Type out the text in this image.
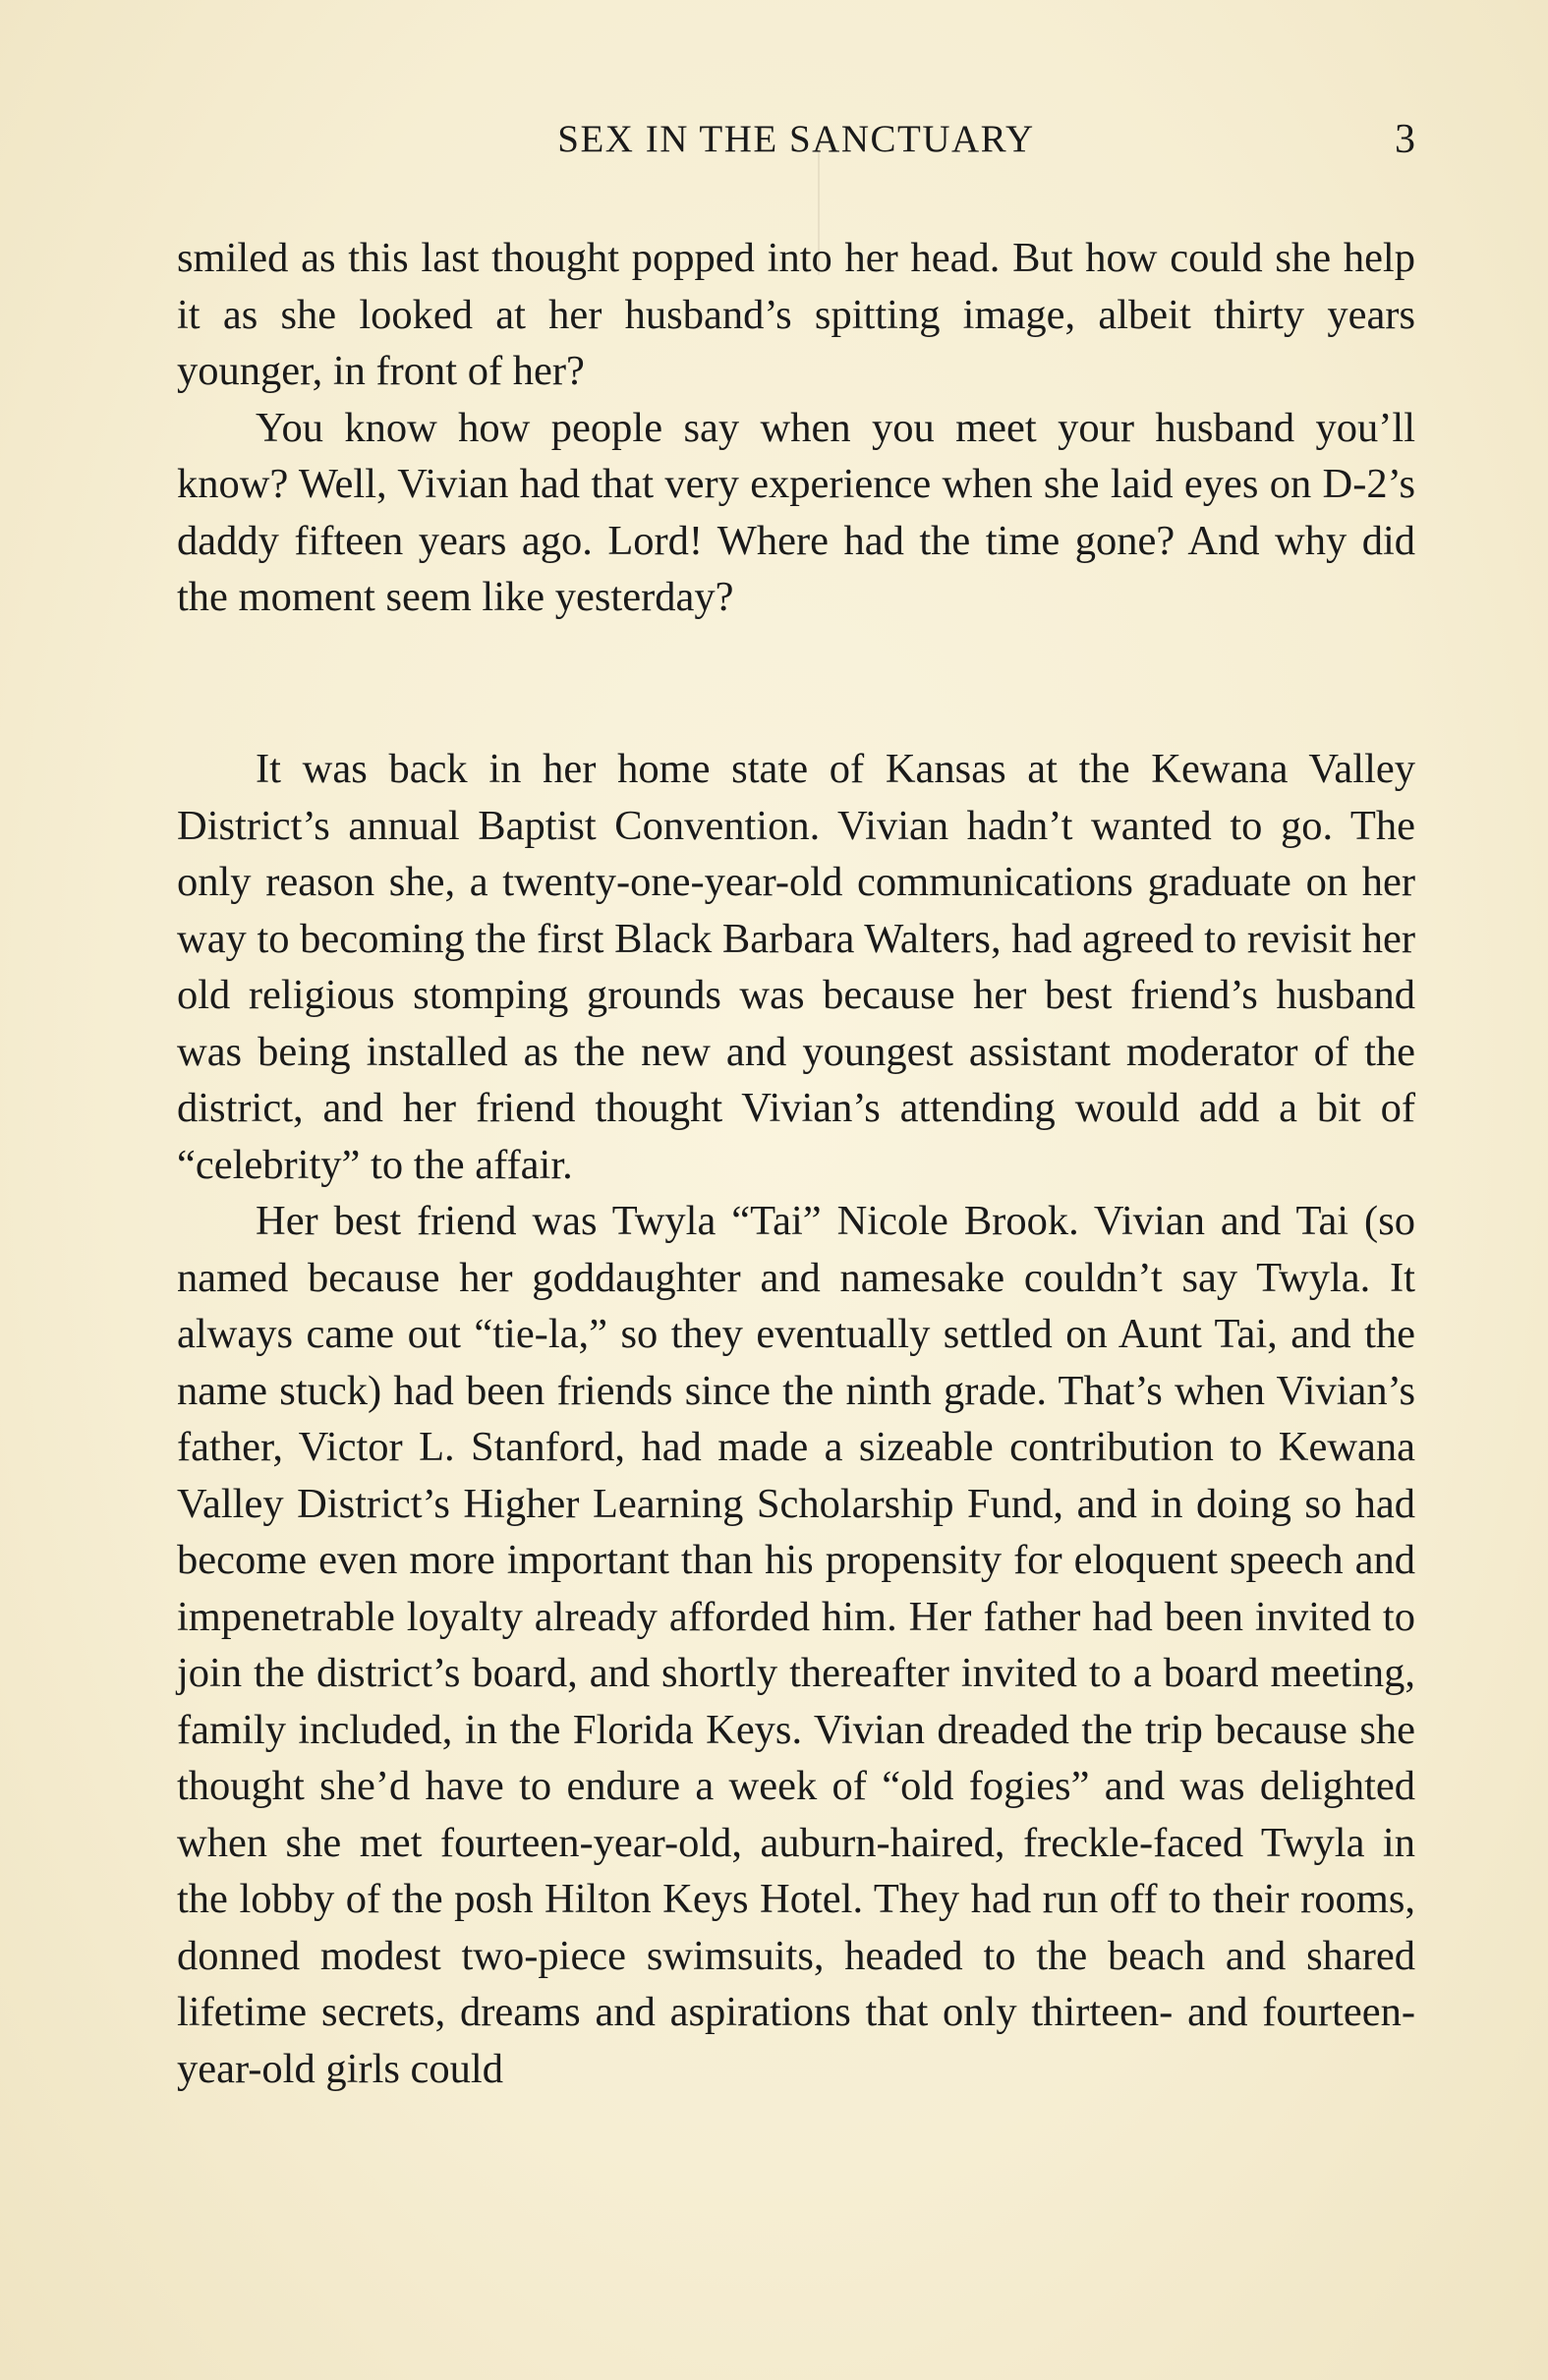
SEX IN THE SANCTUARY	3

smiled as this last thought popped into her head. But how could she help it as she looked at her husband’s spitting image, albeit thirty years younger, in front of her?

You know how people say when you meet your husband you’ll know? Well, Vivian had that very experience when she laid eyes on D-2’s daddy fifteen years ago. Lord! Where had the time gone? And why did the moment seem like yesterday?

It was back in her home state of Kansas at the Kewana Valley District’s annual Baptist Convention. Vivian hadn’t wanted to go. The only reason she, a twenty-one-year-old communications graduate on her way to becoming the first Black Barbara Walters, had agreed to revisit her old religious stomping grounds was because her best friend’s husband was being installed as the new and youngest assistant moderator of the district, and her friend thought Vivian’s attending would add a bit of “celebrity” to the affair.

Her best friend was Twyla “Tai” Nicole Brook. Vivian and Tai (so named because her goddaughter and namesake couldn’t say Twyla. It always came out “tie-la,” so they eventually settled on Aunt Tai, and the name stuck) had been friends since the ninth grade. That’s when Vivian’s father, Victor L. Stanford, had made a sizeable contribution to Kewana Valley District’s Higher Learning Scholarship Fund, and in doing so had become even more important than his propensity for eloquent speech and impenetrable loyalty already afforded him. Her father had been invited to join the district’s board, and shortly thereafter invited to a board meeting, family included, in the Florida Keys. Vivian dreaded the trip because she thought she’d have to endure a week of “old fogies” and was delighted when she met fourteen-year-old, auburn-haired, freckle-faced Twyla in the lobby of the posh Hilton Keys Hotel. They had run off to their rooms, donned modest two-piece swimsuits, headed to the beach and shared lifetime secrets, dreams and aspirations that only thirteen- and fourteen-year-old girls could
